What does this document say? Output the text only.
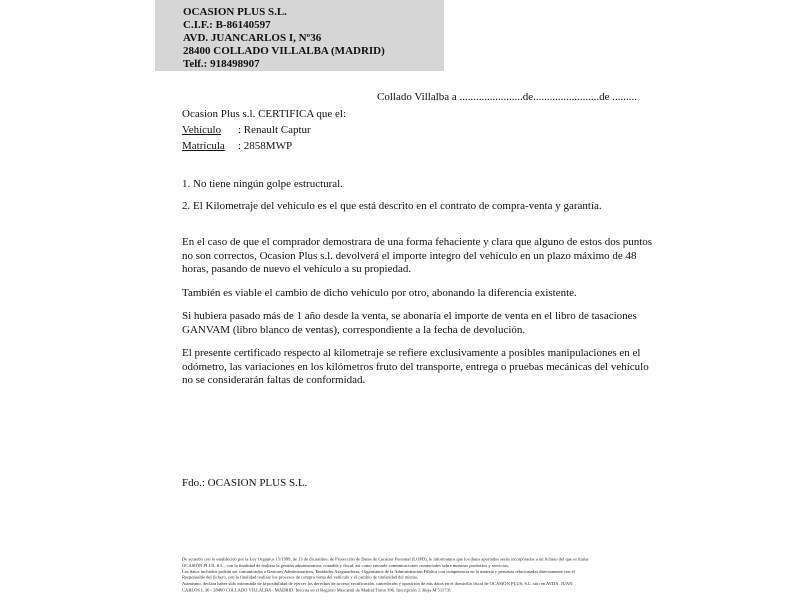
OCASION PLUS S.L.
C.I.F.: B-86140597
AVD. JUANCARLOS I, Nº36
28400 COLLADO VILLALBA (MADRID)
Telf.: 918498907
Collado Villalba a .......................de........................de .........
Ocasion Plus s.l. CERTIFICA que el:
Vehículo : Renault Captur
Matrícula : 2858MWP
1. No tiene ningún golpe estructural.
2. El Kilometraje del vehículo es el que está descrito en el contrato de compra-venta y garantía.

En el caso de que el comprador demostrara de una forma fehaciente y clara que alguno de estos dos puntos no son correctos, Ocasion Plus s.l. devolverá el importe integro del vehículo en un plazo máximo de 48 horas, pasando de nuevo el vehículo a su propiedad.

También es viable el cambio de dicho vehículo por otro, abonando la diferencia existente.

Si hubiera pasado más de 1 año desde la venta, se abonaría el importe de venta en el libro de tasaciones GANVAM (libro blanco de ventas), correspondiente a la fecha de devolución.

El presente certificado respecto al kilometraje se refiere exclusivamente a posibles manipulaciones en el odómetro, las variaciones en los kilómetros fruto del transporte, entrega o pruebas mecánicas del vehículo no se considerarán faltas de conformidad.

Fdo.: OCASION PLUS S.L.
De acuerdo con lo establecido por la Ley Orgánica 15/1999, de 13 de diciembre, de Protección de Datos de Carácter Personal (LOPD), le informamos que los datos aportados serán incorporados a un fichero del que es titular
OCASIÓN PLUS, S.L., con la finalidad de realizar la gestión administrativa, contable y fiscal, así como enviarle comunicaciones comerciales sobre nuestros productos y servicios.
Los datos incluidos podrán ser comunicados a Gestores Administrativos, Entidades Aseguradoras, Organismos de la Administración Pública con competencia en la materia y personas relacionadas directamente con el
Responsable del fichero, con la finalidad realizar los procesos de compra venta del vehículo y el cambio de titularidad del mismo.
Asimismo, declara haber sido informado de la posibilidad de ejercer los derechos de acceso, rectificación, cancelación y oposición de mis datos en el domicilio fiscal de OCASIÓN PLUS, S.L. sito en AVDA. JUAN
CARLOS I, 36 - 28400 COLLADO VILLALBA - MADRID. Inscrita en el Registro Mercantil de Madrid Tomo 196. Inscripción 1. Hoja M 511731
